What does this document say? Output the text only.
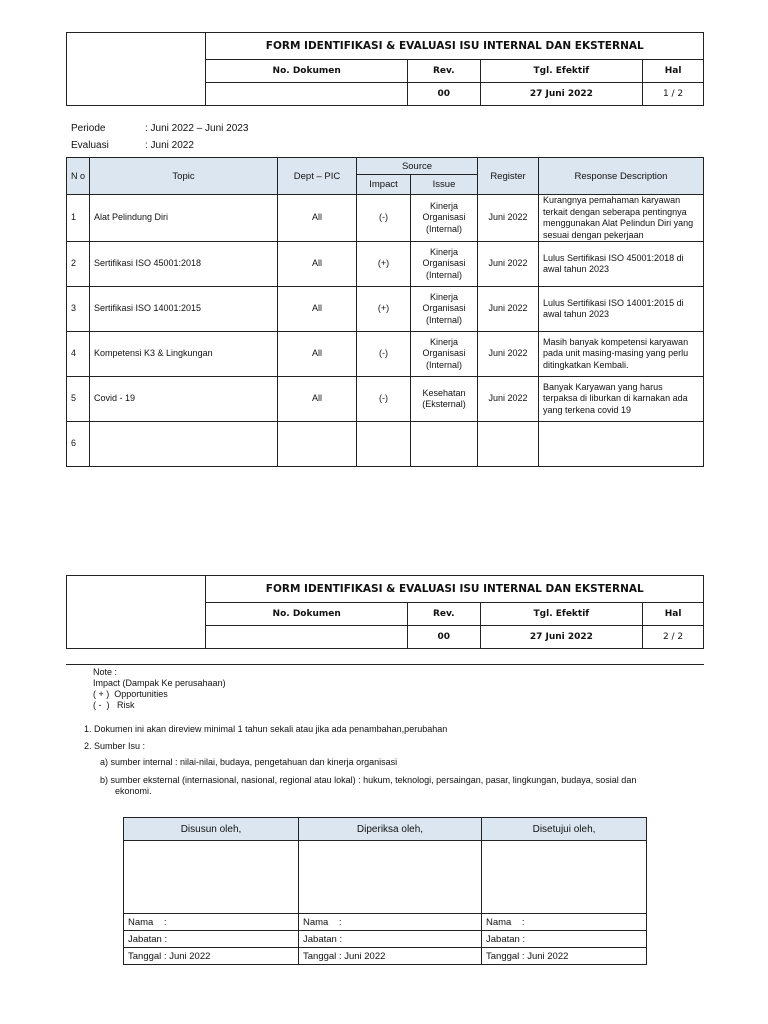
	FORM IDENTIFIKASI & EVALUASI ISU INTERNAL DAN EKSTERNAL			
	No. Dokumen	Rev.	Tgl. Efektif	Hal
		00	27 Juni 2022	1 / 2
Periode	: Juni 2022 – Juni 2023
Evaluasi	: Juni 2022
N o	Topic	Dept – PIC	Source		Register	Response Description
			Impact	Issue		
1	Alat Pelindung Diri	All	(-)	Kinerja Organisasi (Internal)	Juni 2022	Kurangnya pemahaman karyawan terkait dengan seberapa pentingnya menggunakan Alat Pelindun Diri yang sesuai dengan pekerjaan
2	Sertifikasi ISO 45001:2018	All	(+)	Kinerja Organisasi (Internal)	Juni 2022	Lulus Sertifikasi ISO 45001:2018 di awal tahun 2023
3	Sertifikasi ISO 14001:2015	All	(+)	Kinerja Organisasi (Internal)	Juni 2022	Lulus Sertifikasi ISO 14001:2015 di awal tahun 2023
4	Kompetensi K3 & Lingkungan	All	(-)	Kinerja Organisasi (Internal)	Juni 2022	Masih banyak kompetensi karyawan pada unit masing-masing yang perlu ditingkatkan Kembali.
5	Covid - 19	All	(-)	Kesehatan (Eksternal)	Juni 2022	Banyak Karyawan yang harus terpaksa di liburkan di karnakan ada yang terkena covid 19
6						
	FORM IDENTIFIKASI & EVALUASI ISU INTERNAL DAN EKSTERNAL			
	No. Dokumen	Rev.	Tgl. Efektif	Hal
		00	27 Juni 2022	2 / 2
Note :
Impact (Dampak Ke perusahaan)
( + )  Opportunities
( -  )   Risk
1. Dokumen ini akan direview minimal 1 tahun sekali atau jika ada penambahan,perubahan
2. Sumber Isu :
a) sumber internal : nilai-nilai, budaya, pengetahuan dan kinerja organisasi
b) sumber eksternal (internasional, nasional, regional atau lokal) : hukum, teknologi, persaingan, pasar, lingkungan, budaya, sosial dan
ekonomi.
Disusun oleh,	Diperiksa oleh,	Disetujui oleh,

Nama    :	Nama    :	Nama    :
Jabatan :	Jabatan :	Jabatan :
Tanggal : Juni 2022	Tanggal : Juni 2022	Tanggal : Juni 2022
